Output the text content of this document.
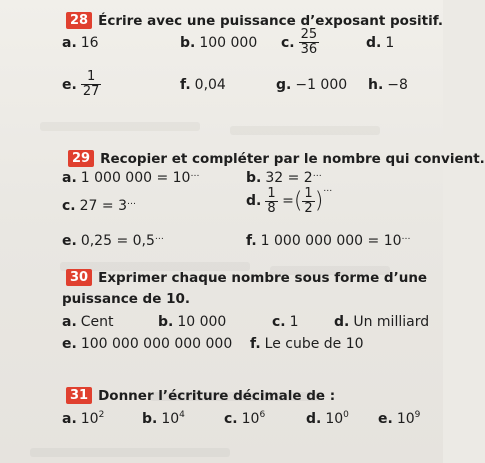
28 Écrire avec une puissance d’exposant positif.
a. 16	b. 100 000 c. $\frac{25}{36}$	d. 1
e. $\frac{1}{27}$	f. 0,04	g. −1 000 h. −8
29 Recopier et compléter par le nombre qui convient.
a. 1 000 000 = 10…	b. 32 = 2…
c. 27 = 3…	d. $\frac{1}{8}$ =( $\frac{1}{2} )^\dots$
e. 0,25 = 0,5…	f. 1 000 000 000 = 10…
30 Exprimer chaque nombre sous forme d’une
puissance de 10.
a. Cent	b. 10 000	c. 1	d. Un milliard
e. 100 000 000 000 000 f. Le cube de 10
31 Donner l’écriture décimale de :
a. $10^2$	b. $10^4$	c. $10^6$	d. $10^0$ e. $10^9$
